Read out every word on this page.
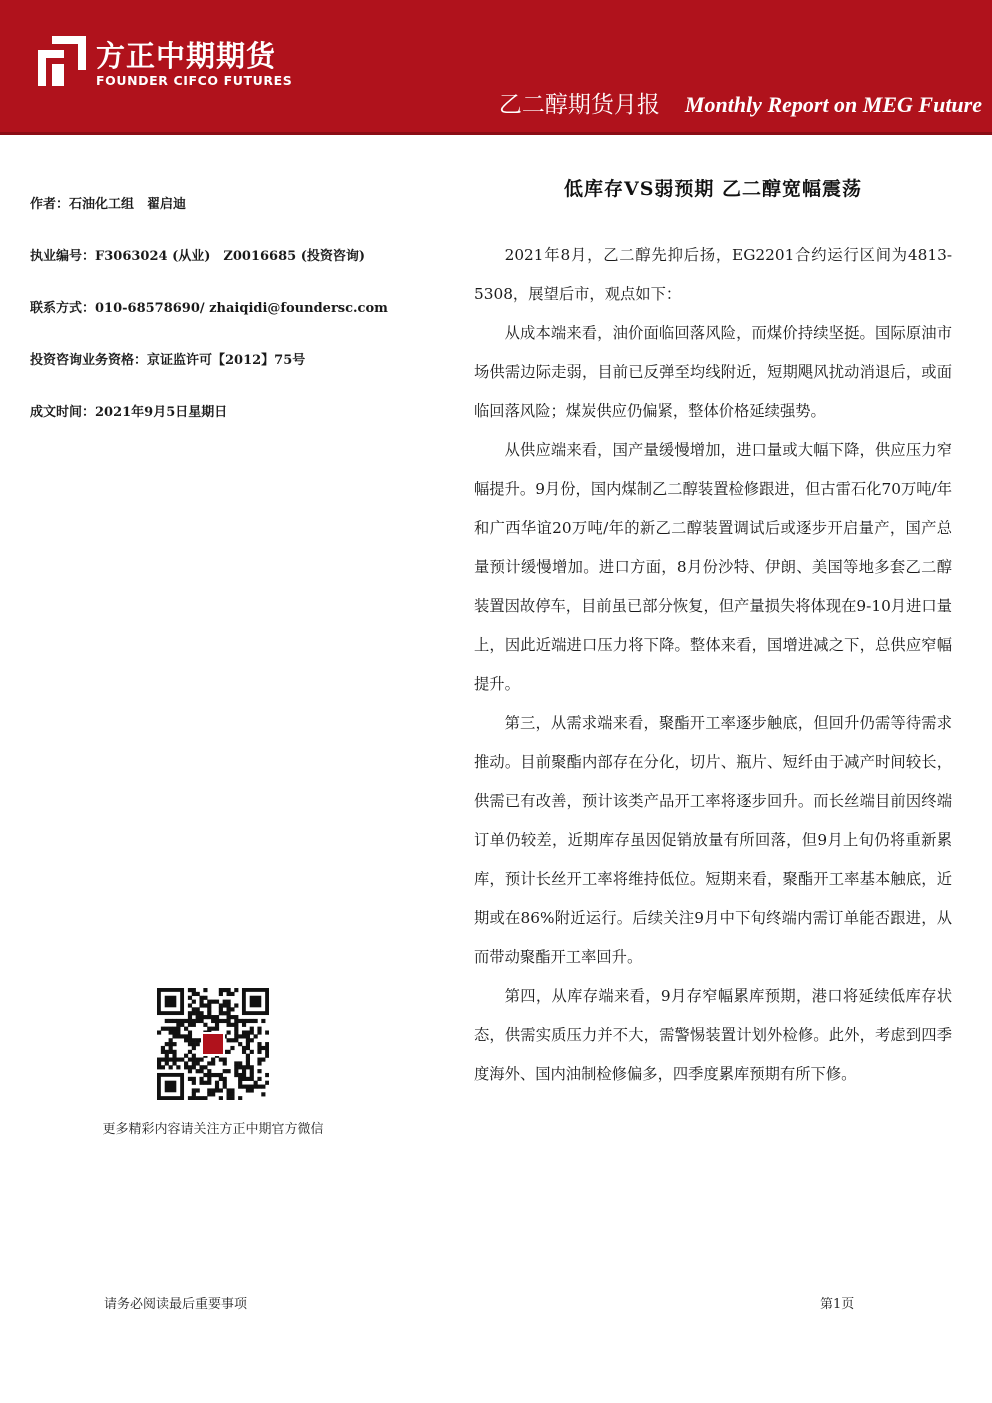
方正中期期货
FOUNDER CIFCO FUTURES
乙二醇期货月报 Monthly Report on MEG Future
作者：石油化工组　翟启迪
执业编号：F3063024 (从业)　Z0016685 (投资咨询)
联系方式：010-68578690/ zhaiqidi@foundersc.com
投资咨询业务资格：京证监许可【2012】75号
成文时间：2021年9月5日星期日
更多精彩内容请关注方正中期官方微信
低库存VS弱预期 乙二醇宽幅震荡

2021年8月，乙二醇先抑后扬，EG2201合约运行区间为4813-5308，展望后市，观点如下：

从成本端来看，油价面临回落风险，而煤价持续坚挺。国际原油市场供需边际走弱，目前已反弹至均线附近，短期飓风扰动消退后，或面临回落风险；煤炭供应仍偏紧，整体价格延续强势。

从供应端来看，国产量缓慢增加，进口量或大幅下降，供应压力窄幅提升。9月份，国内煤制乙二醇装置检修跟进，但古雷石化70万吨/年和广西华谊20万吨/年的新乙二醇装置调试后或逐步开启量产，国产总量预计缓慢增加。进口方面，8月份沙特、伊朗、美国等地多套乙二醇装置因故停车，目前虽已部分恢复，但产量损失将体现在9-10月进口量上，因此近端进口压力将下降。整体来看，国增进减之下，总供应窄幅提升。

第三，从需求端来看，聚酯开工率逐步触底，但回升仍需等待需求推动。目前聚酯内部存在分化，切片、瓶片、短纤由于减产时间较长，供需已有改善，预计该类产品开工率将逐步回升。而长丝端目前因终端订单仍较差，近期库存虽因促销放量有所回落，但9月上旬仍将重新累库，预计长丝开工率将维持低位。短期来看，聚酯开工率基本触底，近期或在86%附近运行。后续关注9月中下旬终端内需订单能否跟进，从而带动聚酯开工率回升。

第四，从库存端来看，9月存窄幅累库预期，港口将延续低库存状态，供需实质压力并不大，需警惕装置计划外检修。此外，考虑到四季度海外、国内油制检修偏多，四季度累库预期有所下修。

请务必阅读最后重要事项	第1页
